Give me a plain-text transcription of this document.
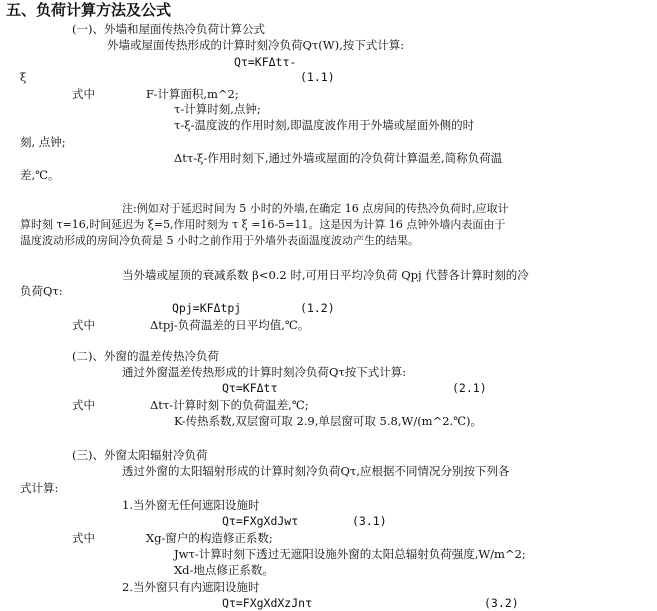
五、负荷计算方法及公式
(一)、外墙和屋面传热冷负荷计算公式
外墙或屋面传热形成的计算时刻冷负荷Qτ(W),按下式计算:
Qτ=KFΔtτ-
ξ	(1.1)
式中	F-计算面积,m^2;
τ-计算时刻,点钟;
τ-ξ-温度波的作用时刻,即温度波作用于外墙或屋面外侧的时
刻, 点钟;
Δtτ-ξ-作用时刻下,通过外墙或屋面的冷负荷计算温差,简称负荷温
差,℃。
注:例如对于延迟时间为 5 小时的外墙,在确定 16 点房间的传热冷负荷时,应取计
算时刻 τ=16,时间延迟为 ξ=5,作用时刻为 τ ξ =16-5=11。这是因为计算 16 点钟外墙内表面由于
温度波动形成的房间冷负荷是 5 小时之前作用于外墙外表面温度波动产生的结果。
当外墙或屋顶的衰减系数 β<0.2 时,可用日平均冷负荷 Qpj 代替各计算时刻的冷
负荷Qτ:
Qpj=KFΔtpj	(1.2)
式中	Δtpj-负荷温差的日平均值,℃。
(二)、外窗的温差传热冷负荷
通过外窗温差传热形成的计算时刻冷负荷Qτ按下式计算:
Qτ=KFΔtτ	(2.1)
式中	Δtτ-计算时刻下的负荷温差,℃;
K-传热系数,双层窗可取 2.9,单层窗可取 5.8,W/(m^2.℃)。
(三)、外窗太阳辐射冷负荷
透过外窗的太阳辐射形成的计算时刻冷负荷Qτ,应根据不同情况分别按下列各
式计算:
1.当外窗无任何遮阳设施时
Qτ=FXgXdJwτ	(3.1)
式中	Xg-窗户的构造修正系数;
Jwτ-计算时刻下透过无遮阳设施外窗的太阳总辐射负荷强度,W/m^2;
Xd-地点修正系数。
2.当外窗只有内遮阳设施时
Qτ=FXgXdXzJnτ	(3.2)
